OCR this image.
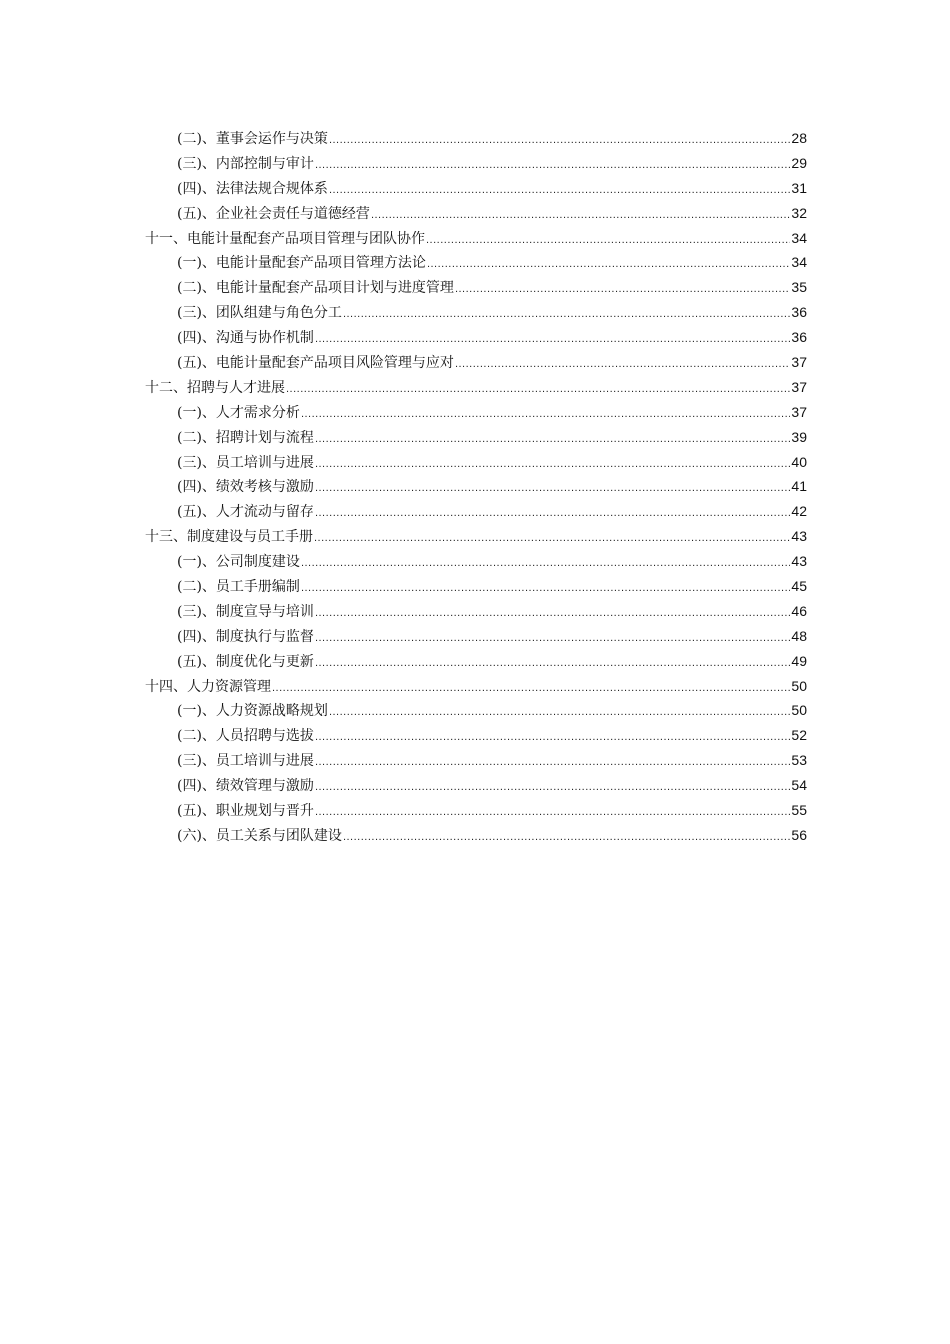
(二)、董事会运作与决策 .....	28
(三)、内部控制与审计 .....	29
(四)、法律法规合规体系 .....	31
(五)、企业社会责任与道德经营 .....	32
十一、电能计量配套产品项目管理与团队协作 .....	34
(一)、电能计量配套产品项目管理方法论 .....	34
(二)、电能计量配套产品项目计划与进度管理 .....	35
(三)、团队组建与角色分工 .....	36
(四)、沟通与协作机制 .....	36
(五)、电能计量配套产品项目风险管理与应对 .....	37
十二、招聘与人才进展 .....	37
(一)、人才需求分析 .....	37
(二)、招聘计划与流程 .....	39
(三)、员工培训与进展 .....	40
(四)、绩效考核与激励 .....	41
(五)、人才流动与留存 .....	42
十三、制度建设与员工手册 .....	43
(一)、公司制度建设 .....	43
(二)、员工手册编制 .....	45
(三)、制度宣导与培训 .....	46
(四)、制度执行与监督 .....	48
(五)、制度优化与更新 .....	49
十四、人力资源管理 .....	50
(一)、人力资源战略规划 .....	50
(二)、人员招聘与选拔 .....	52
(三)、员工培训与进展 .....	53
(四)、绩效管理与激励 .....	54
(五)、职业规划与晋升 .....	55
(六)、员工关系与团队建设 .....	56
